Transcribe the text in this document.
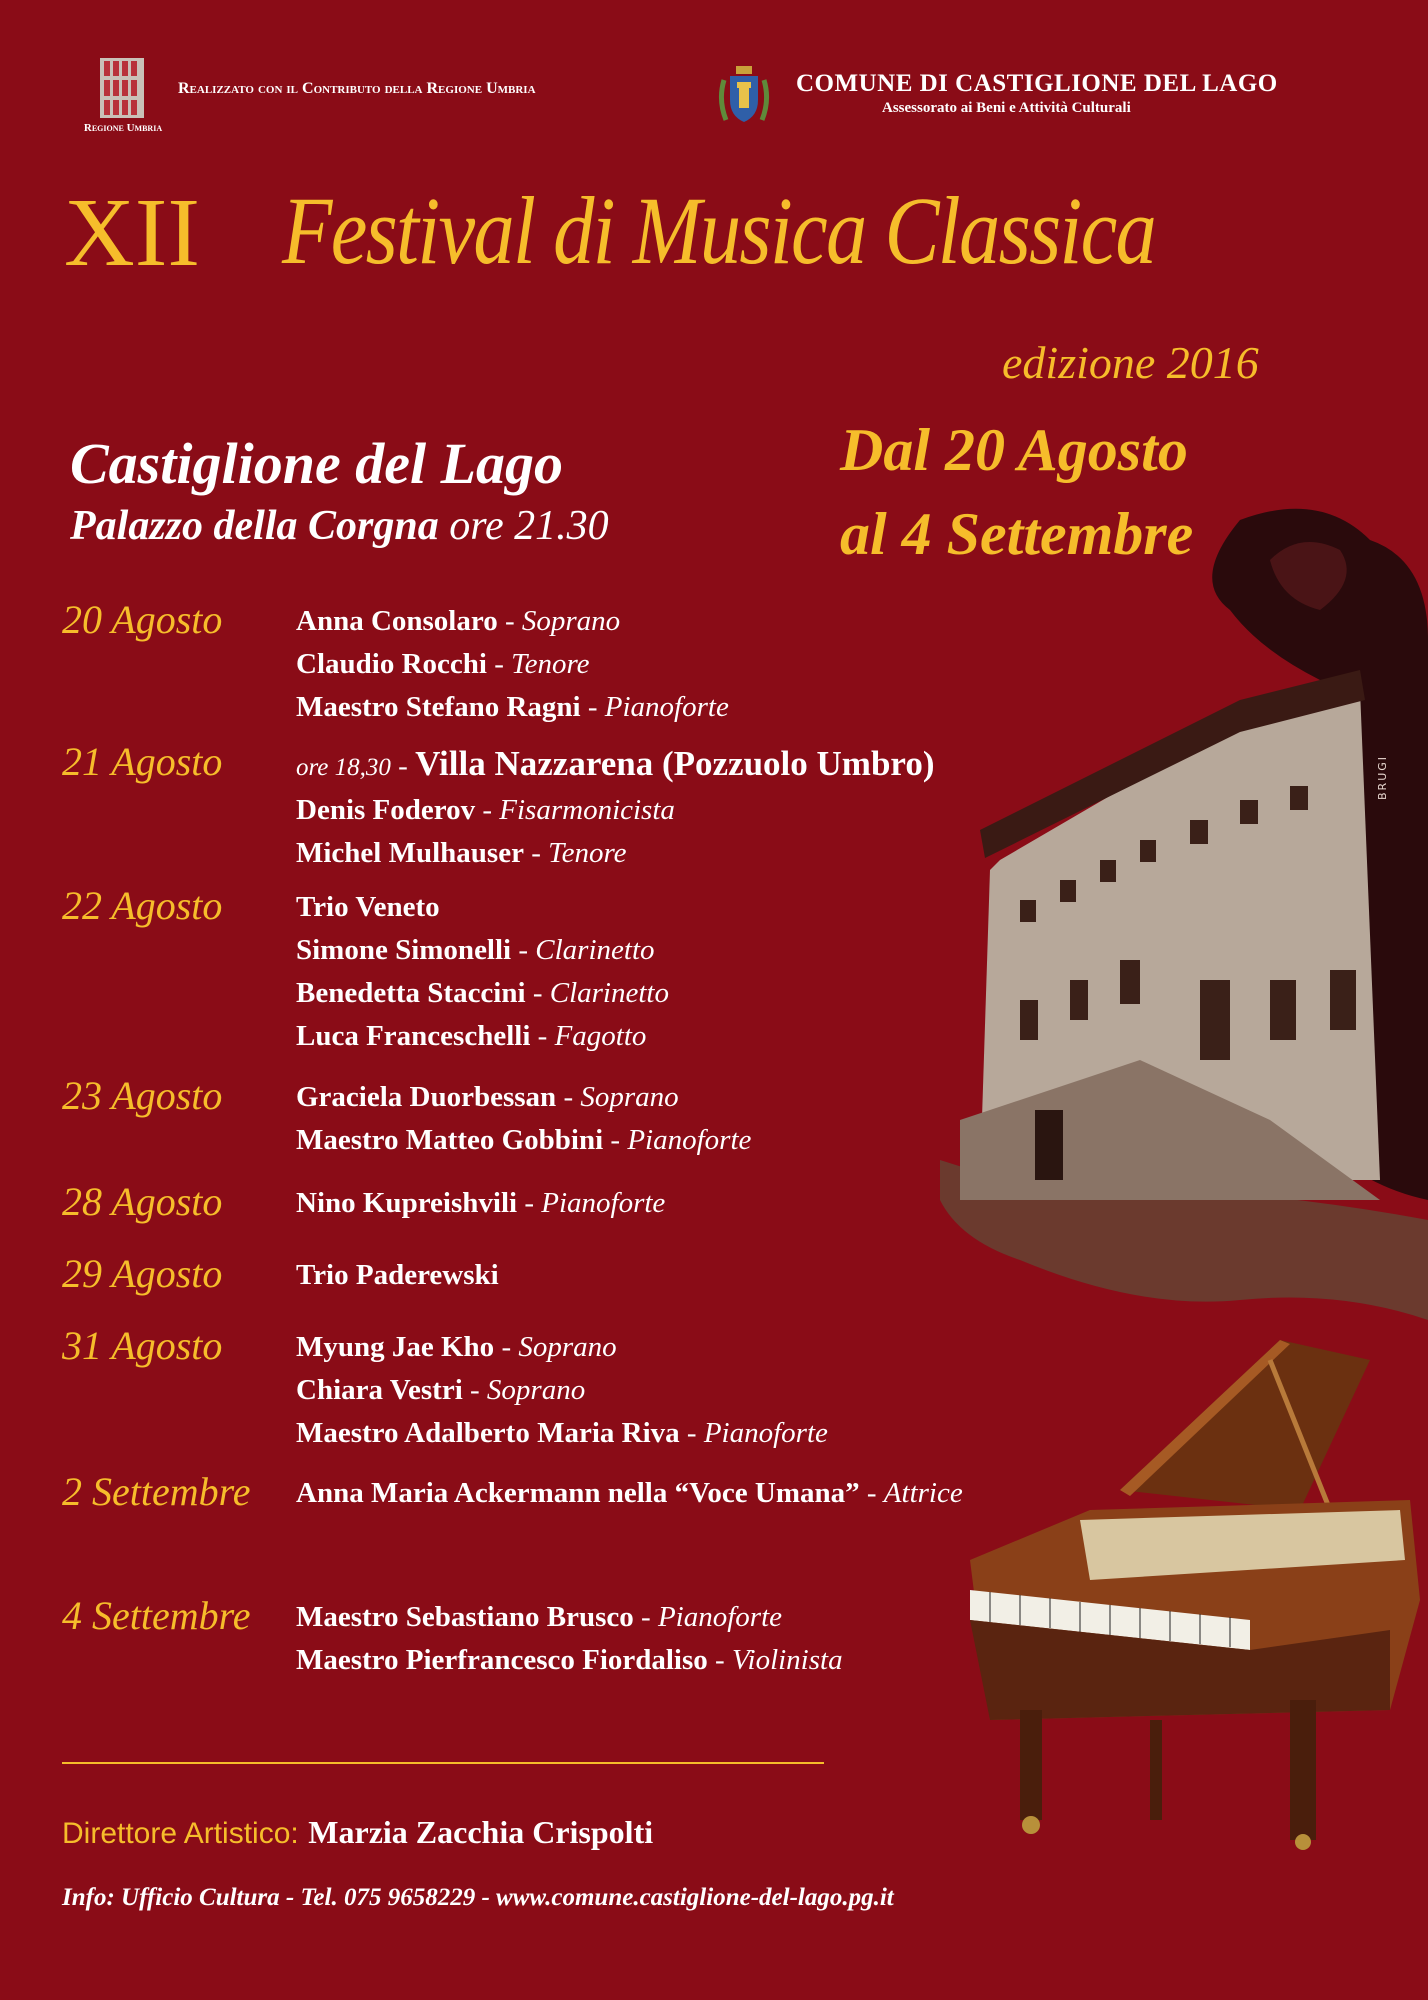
Regione Umbria
Realizzato con il Contributo della Regione Umbria	COMUNE DI CASTIGLIONE DEL LAGO
Assessorato ai Beni e Attività Culturali
XII Festival di Musica Classica
edizione 2016
Castiglione del Lago
Palazzo della Corgna ore 21.30
Dal 20 Agosto
al 4 Settembre
BRUGI
20 Agosto	Anna Consolaro - Soprano
Claudio Rocchi - Tenore
Maestro Stefano Ragni - Pianoforte
21 Agosto	ore 18,30 - Villa Nazzarena (Pozzuolo Umbro)
Denis Foderov - Fisarmonicista
Michel Mulhauser - Tenore
22 Agosto	Trio Veneto
Simone Simonelli - Clarinetto
Benedetta Staccini - Clarinetto
Luca Franceschelli - Fagotto
23 Agosto	Graciela Duorbessan - Soprano
Maestro Matteo Gobbini - Pianoforte
28 Agosto	Nino Kupreishvili - Pianoforte
29 Agosto	Trio Paderewski
31 Agosto	Myung Jae Kho - Soprano
Chiara Vestri - Soprano
Maestro Adalberto Maria Riva - Pianoforte
2 Settembre Anna Maria Ackermann nella “Voce Umana” - Attrice
4 Settembre Maestro Sebastiano Brusco - Pianoforte
Maestro Pierfrancesco Fiordaliso - Violinista
Direttore Artistico: Marzia Zacchia Crispolti
Info: Ufficio Cultura - Tel. 075 9658229 - www.comune.castiglione-del-lago.pg.it
